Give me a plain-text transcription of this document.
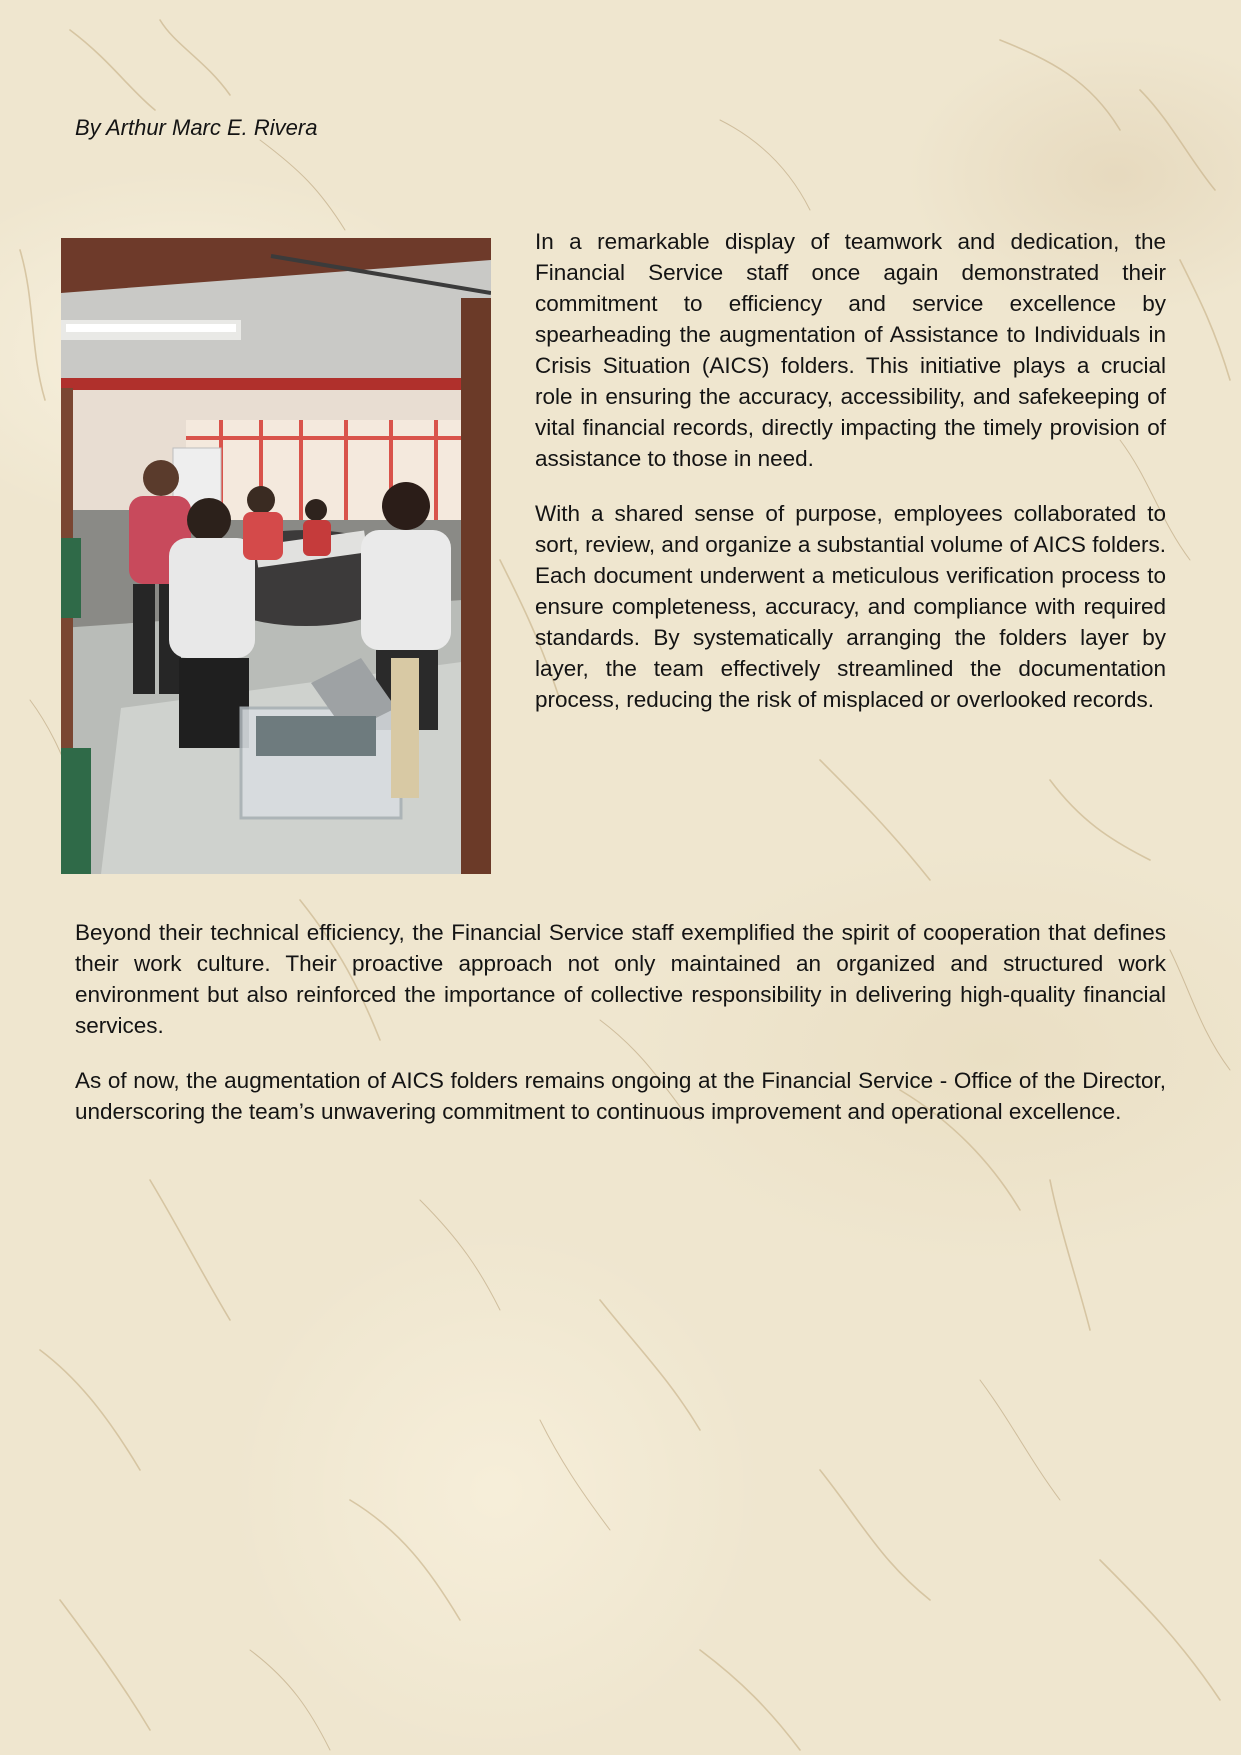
By Arthur Marc E. Rivera

In a remarkable display of teamwork and dedication, the Financial Service staff once again demonstrated their commitment to efficiency and service excellence by spearheading the augmentation of Assistance to Individuals in Crisis Situation (AICS) folders. This initiative plays a crucial role in ensuring the accuracy, accessibility, and safekeeping of vital financial records, directly impacting the timely provision of assistance to those in need.

With a shared sense of purpose, employees collaborated to sort, review, and organize a substantial volume of AICS folders. Each document underwent a meticulous verification process to ensure completeness, accuracy, and compliance with required standards. By systematically arranging the folders layer by layer, the team effectively streamlined the documentation process, reducing the risk of misplaced or overlooked records.

Beyond their technical efficiency, the Financial Service staff exemplified the spirit of cooperation that defines their work culture. Their proactive approach not only maintained an organized and structured work environment but also reinforced the importance of collective responsibility in delivering high-quality financial services.

As of now, the augmentation of AICS folders remains ongoing at the Financial Service - Office of the Director, underscoring the team’s unwavering commitment to continuous improvement and operational excellence.
